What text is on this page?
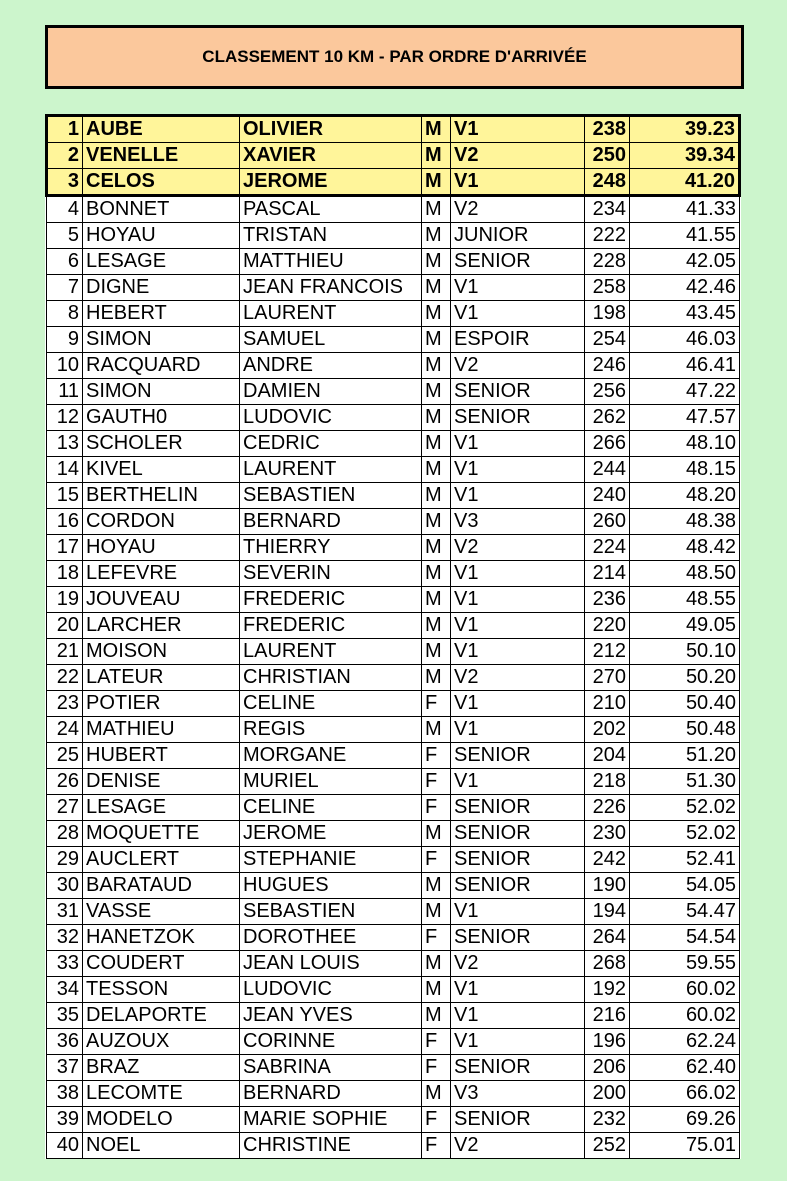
CLASSEMENT 10 KM - PAR ORDRE D'ARRIVÉE
1	AUBE	OLIVIER	M	V1	238	39.23
2	VENELLE	XAVIER	M	V2	250	39.34
3	CELOS	JEROME	M	V1	248	41.20
4	BONNET	PASCAL	M	V2	234	41.33
5	HOYAU	TRISTAN	M	JUNIOR	222	41.55
6	LESAGE	MATTHIEU	M	SENIOR	228	42.05
7	DIGNE	JEAN FRANCOIS	M	V1	258	42.46
8	HEBERT	LAURENT	M	V1	198	43.45
9	SIMON	SAMUEL	M	ESPOIR	254	46.03
10	RACQUARD	ANDRE	M	V2	246	46.41
11	SIMON	DAMIEN	M	SENIOR	256	47.22
12	GAUTH0	LUDOVIC	M	SENIOR	262	47.57
13	SCHOLER	CEDRIC	M	V1	266	48.10
14	KIVEL	LAURENT	M	V1	244	48.15
15	BERTHELIN	SEBASTIEN	M	V1	240	48.20
16	CORDON	BERNARD	M	V3	260	48.38
17	HOYAU	THIERRY	M	V2	224	48.42
18	LEFEVRE	SEVERIN	M	V1	214	48.50
19	JOUVEAU	FREDERIC	M	V1	236	48.55
20	LARCHER	FREDERIC	M	V1	220	49.05
21	MOISON	LAURENT	M	V1	212	50.10
22	LATEUR	CHRISTIAN	M	V2	270	50.20
23	POTIER	CELINE	F	V1	210	50.40
24	MATHIEU	REGIS	M	V1	202	50.48
25	HUBERT	MORGANE	F	SENIOR	204	51.20
26	DENISE	MURIEL	F	V1	218	51.30
27	LESAGE	CELINE	F	SENIOR	226	52.02
28	MOQUETTE	JEROME	M	SENIOR	230	52.02
29	AUCLERT	STEPHANIE	F	SENIOR	242	52.41
30	BARATAUD	HUGUES	M	SENIOR	190	54.05
31	VASSE	SEBASTIEN	M	V1	194	54.47
32	HANETZOK	DOROTHEE	F	SENIOR	264	54.54
33	COUDERT	JEAN LOUIS	M	V2	268	59.55
34	TESSON	LUDOVIC	M	V1	192	60.02
35	DELAPORTE	JEAN YVES	M	V1	216	60.02
36	AUZOUX	CORINNE	F	V1	196	62.24
37	BRAZ	SABRINA	F	SENIOR	206	62.40
38	LECOMTE	BERNARD	M	V3	200	66.02
39	MODELO	MARIE SOPHIE	F	SENIOR	232	69.26
40	NOEL	CHRISTINE	F	V2	252	75.01
